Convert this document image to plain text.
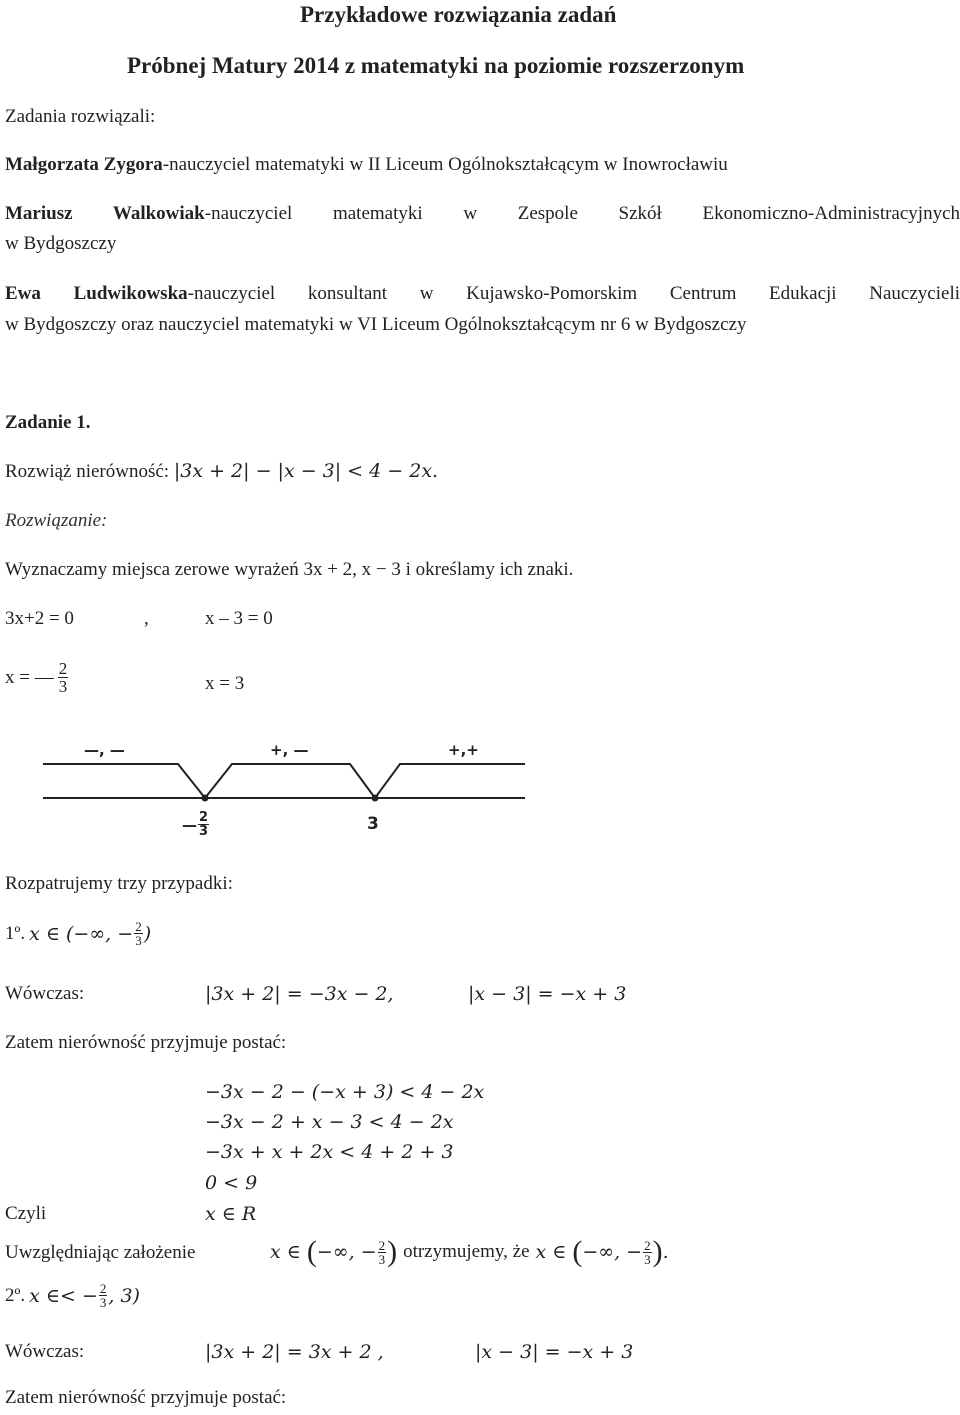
Przykładowe rozwiązania zadań
Próbnej Matury 2014 z matematyki na poziomie rozszerzonym
Zadania rozwiązali:
Małgorzata Zygora-nauczyciel matematyki w II Liceum Ogólnokształcącym w Inowrocławiu
Mariusz Walkowiak-nauczyciel matematyki w Zespole Szkół Ekonomiczno-Administracyjnych
w Bydgoszczy
Ewa Ludwikowska-nauczyciel konsultant w Kujawsko-Pomorskim Centrum Edukacji Nauczycieli
w Bydgoszczy oraz nauczyciel matematyki w VI Liceum Ogólnokształcącym nr 6 w Bydgoszczy
Zadanie 1.
Rozwiąż nierówność: |3x + 2| − |x − 3| < 4 − 2x.
Rozwiązanie:
Wyznaczamy miejsca zerowe wyrażeń 3x + 2, x − 3 i określamy ich znaki.
3x+2 = 0	,	x – 3 = 0
x = — $\frac{2}{3}$	x = 3
—, —	+, —	+,+
— $\frac{2}{3}$	3
Rozpatrujemy trzy przypadki:
1º. x ∈ (−∞, − $\frac{2}{3}$ )
Wówczas:	|3x + 2| = −3x − 2,	|x − 3| = −x + 3
Zatem nierówność przyjmuje postać:
−3x − 2 − (−x + 3) < 4 − 2x
−3x − 2 + x − 3 < 4 − 2x
−3x + x + 2x < 4 + 2 + 3
0 < 9
Czyli	x ∈ R
Uwzględniając założenie	x ∈ ( −∞, − $\frac{2}{3}$ ) otrzymujemy, że x ∈ ( −∞, − $\frac{2}{3}$ ) .
2º. x ∈< − $\frac{2}{3}$ , 3)
Wówczas:	|3x + 2| = 3x + 2 ,	|x − 3| = −x + 3
Zatem nierówność przyjmuje postać:
